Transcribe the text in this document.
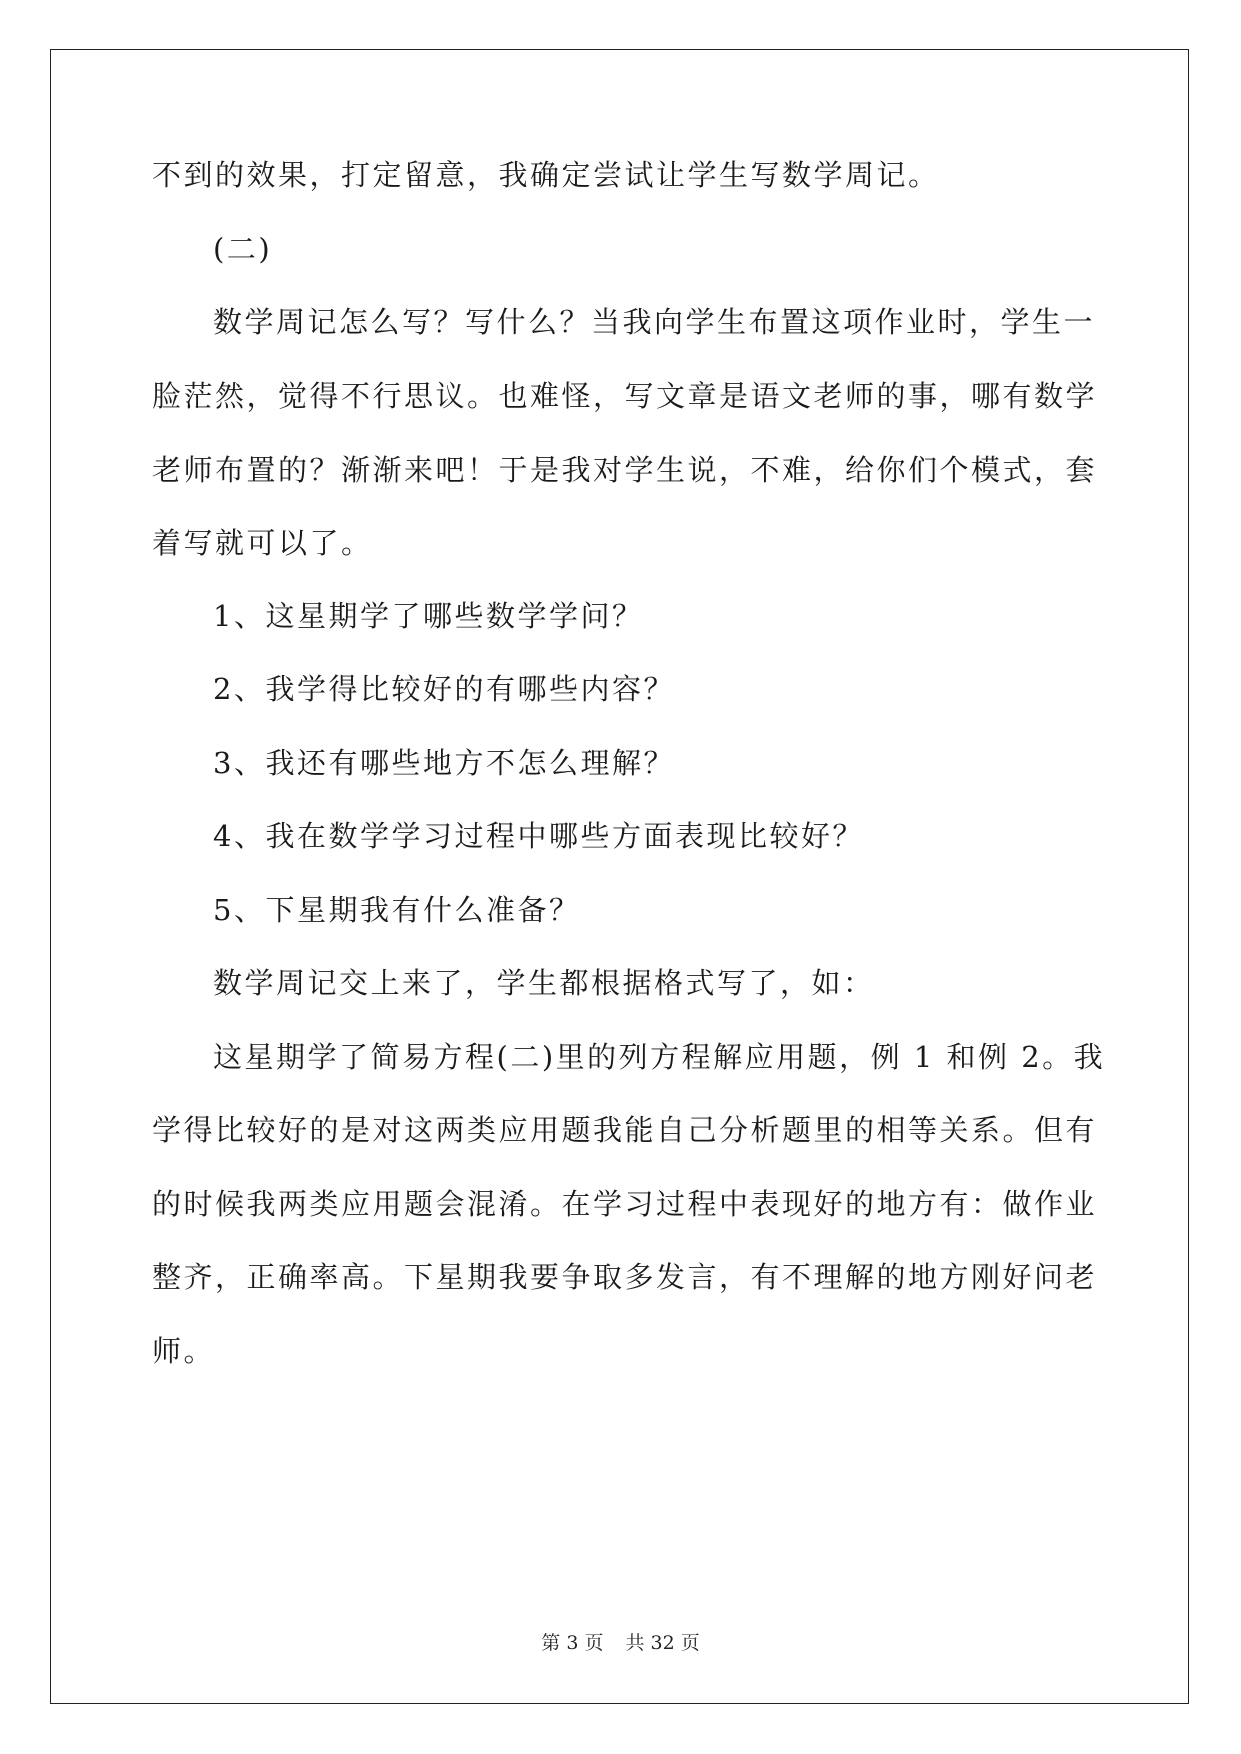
不到的效果，打定留意，我确定尝试让学生写数学周记。
(二)
数学周记怎么写？写什么？当我向学生布置这项作业时，学生一
脸茫然，觉得不行思议。也难怪，写文章是语文老师的事，哪有数学
老师布置的？渐渐来吧！于是我对学生说，不难，给你们个模式，套
着写就可以了。
1、这星期学了哪些数学学问？
2、我学得比较好的有哪些内容？
3、我还有哪些地方不怎么理解？
4、我在数学学习过程中哪些方面表现比较好？
5、下星期我有什么准备？
数学周记交上来了，学生都根据格式写了，如：
这星期学了简易方程(二)里的列方程解应用题，例 1 和例 2。我
学得比较好的是对这两类应用题我能自己分析题里的相等关系。但有
的时候我两类应用题会混淆。在学习过程中表现好的地方有：做作业
整齐，正确率高。下星期我要争取多发言，有不理解的地方刚好问老
师。
第 3 页 共 32 页
